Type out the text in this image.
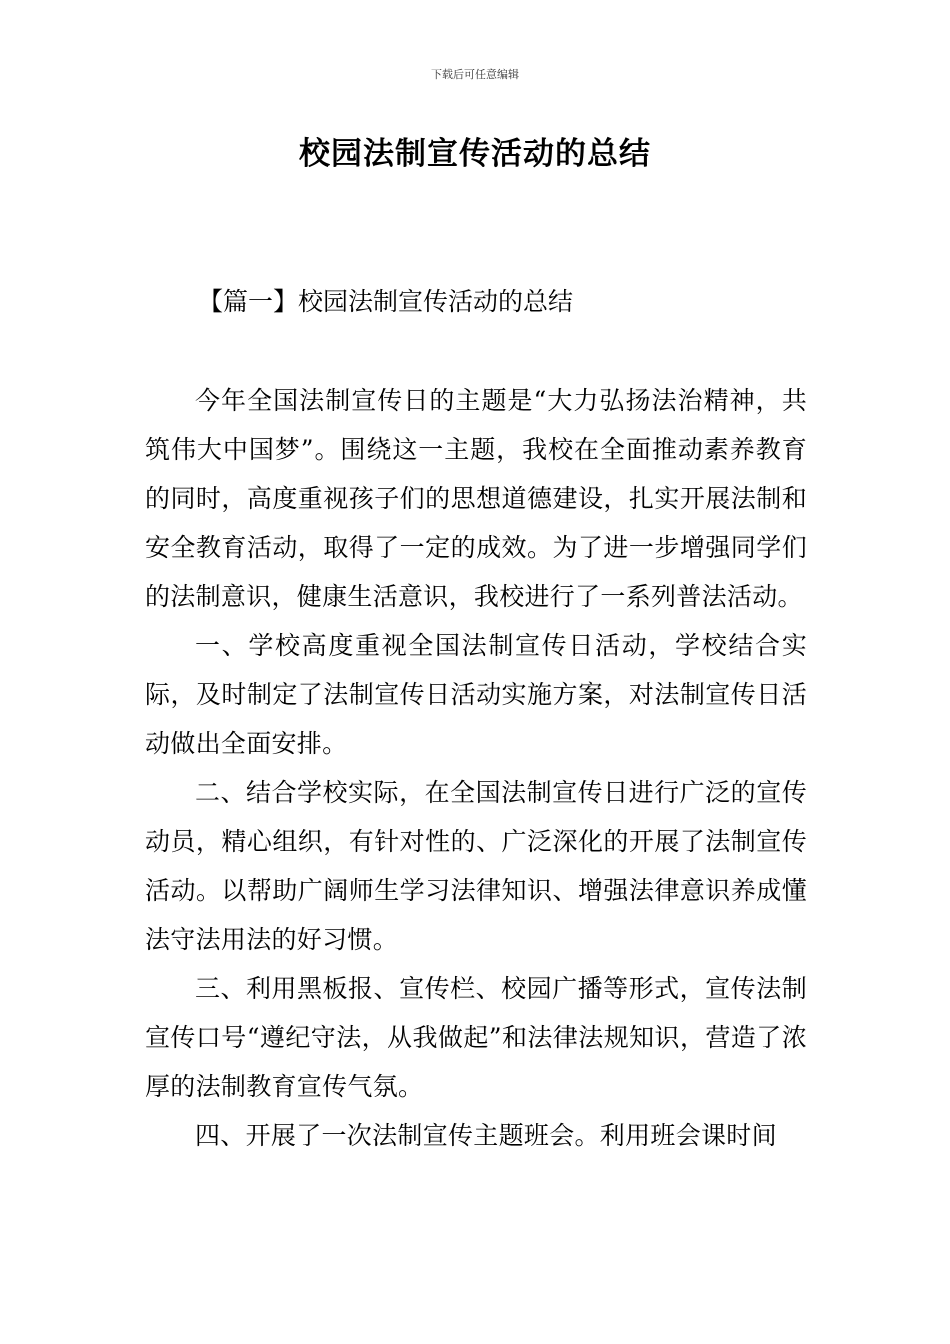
下载后可任意编辑
校园法制宣传活动的总结
【篇一】校园法制宣传活动的总结

今年全国法制宣传日的主题是“大力弘扬法治精神，共筑伟大中国梦”。围绕这一主题，我校在全面推动素养教育的同时，高度重视孩子们的思想道德建设，扎实开展法制和安全教育活动，取得了一定的成效。为了进一步增强同学们的法制意识，健康生活意识，我校进行了一系列普法活动。

一、学校高度重视全国法制宣传日活动，学校结合实际，及时制定了法制宣传日活动实施方案，对法制宣传日活动做出全面安排。

二、结合学校实际，在全国法制宣传日进行广泛的宣传动员，精心组织，有针对性的、广泛深化的开展了法制宣传活动。以帮助广阔师生学习法律知识、增强法律意识养成懂法守法用法的好习惯。

三、利用黑板报、宣传栏、校园广播等形式，宣传法制宣传口号“遵纪守法，从我做起”和法律法规知识，营造了浓厚的法制教育宣传气氛。

四、开展了一次法制宣传主题班会。利用班会课时间
